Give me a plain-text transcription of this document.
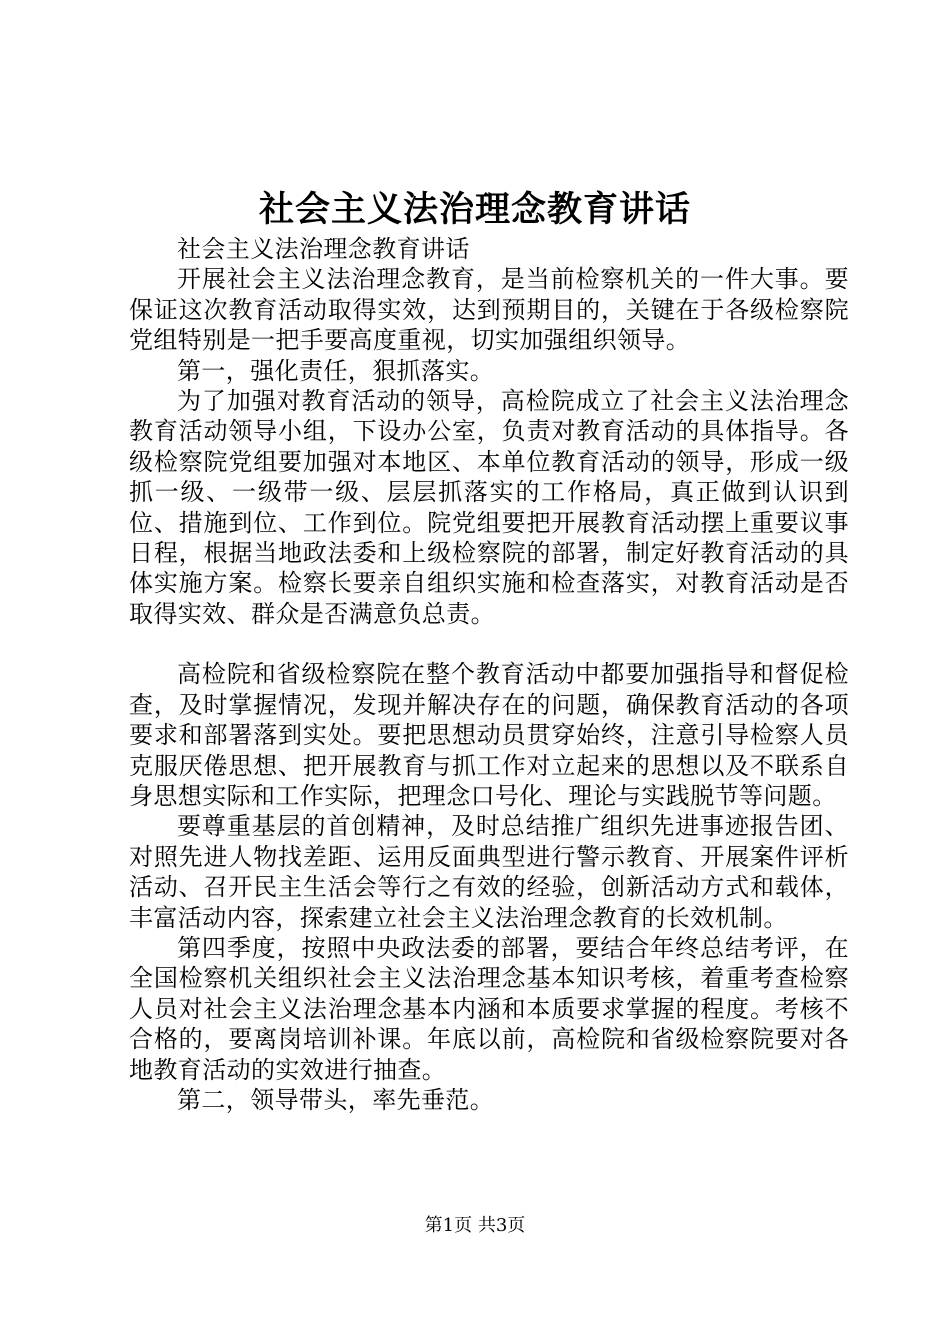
社会主义法治理念教育讲话

社会主义法治理念教育讲话

开展社会主义法治理念教育，是当前检察机关的一件大事。要保证这次教育活动取得实效，达到预期目的，关键在于各级检察院党组特别是一把手要高度重视，切实加强组织领导。

第一，强化责任，狠抓落实。

为了加强对教育活动的领导，高检院成立了社会主义法治理念教育活动领导小组，下设办公室，负责对教育活动的具体指导。各级检察院党组要加强对本地区、本单位教育活动的领导，形成一级抓一级、一级带一级、层层抓落实的工作格局，真正做到认识到位、措施到位、工作到位。院党组要把开展教育活动摆上重要议事日程，根据当地政法委和上级检察院的部署，制定好教育活动的具体实施方案。检察长要亲自组织实施和检查落实，对教育活动是否取得实效、群众是否满意负总责。

高检院和省级检察院在整个教育活动中都要加强指导和督促检查，及时掌握情况，发现并解决存在的问题，确保教育活动的各项要求和部署落到实处。要把思想动员贯穿始终，注意引导检察人员克服厌倦思想、把开展教育与抓工作对立起来的思想以及不联系自身思想实际和工作实际，把理念口号化、理论与实践脱节等问题。

要尊重基层的首创精神，及时总结推广组织先进事迹报告团、对照先进人物找差距、运用反面典型进行警示教育、开展案件评析活动、召开民主生活会等行之有效的经验，创新活动方式和载体，丰富活动内容，探索建立社会主义法治理念教育的长效机制。

第四季度，按照中央政法委的部署，要结合年终总结考评，在全国检察机关组织社会主义法治理念基本知识考核，着重考查检察人员对社会主义法治理念基本内涵和本质要求掌握的程度。考核不合格的，要离岗培训补课。年底以前，高检院和省级检察院要对各地教育活动的实效进行抽查。

第二，领导带头，率先垂范。

第1页 共3页
